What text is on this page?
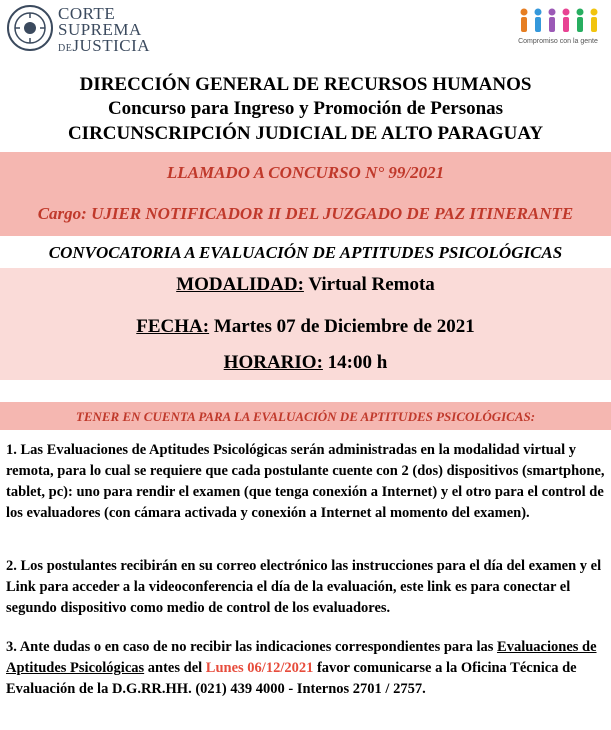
CORTE
SUPREMA
DEJUSTICIA	Compromiso con la gente
DIRECCIÓN GENERAL DE RECURSOS HUMANOS
Concurso para Ingreso y Promoción de Personas
CIRCUNSCRIPCIÓN JUDICIAL DE ALTO PARAGUAY
LLAMADO A CONCURSO N° 99/2021
Cargo: UJIER NOTIFICADOR II DEL JUZGADO DE PAZ ITINERANTE
CONVOCATORIA A EVALUACIÓN DE APTITUDES PSICOLÓGICAS
MODALIDAD: Virtual Remota
FECHA: Martes 07 de Diciembre de 2021
HORARIO: 14:00 h
TENER EN CUENTA PARA LA EVALUACIÓN DE APTITUDES PSICOLÓGICAS:
1. Las Evaluaciones de Aptitudes Psicológicas serán administradas en la modalidad virtual y remota, para lo cual se requiere que cada postulante cuente con 2 (dos) dispositivos (smartphone, tablet, pc): uno para rendir el examen (que tenga conexión a Internet) y el otro para el control de los evaluadores (con cámara activada y conexión a Internet al momento del examen).
2. Los postulantes recibirán en su correo electrónico las instrucciones para el día del examen y el Link para acceder a la videoconferencia el día de la evaluación, este link es para conectar el segundo dispositivo como medio de control de los evaluadores.
3. Ante dudas o en caso de no recibir las indicaciones correspondientes para las Evaluaciones de Aptitudes Psicológicas antes del Lunes 06/12/2021 favor comunicarse a la Oficina Técnica de Evaluación de la D.G.RR.HH. (021) 439 4000 - Internos 2701 / 2757.
